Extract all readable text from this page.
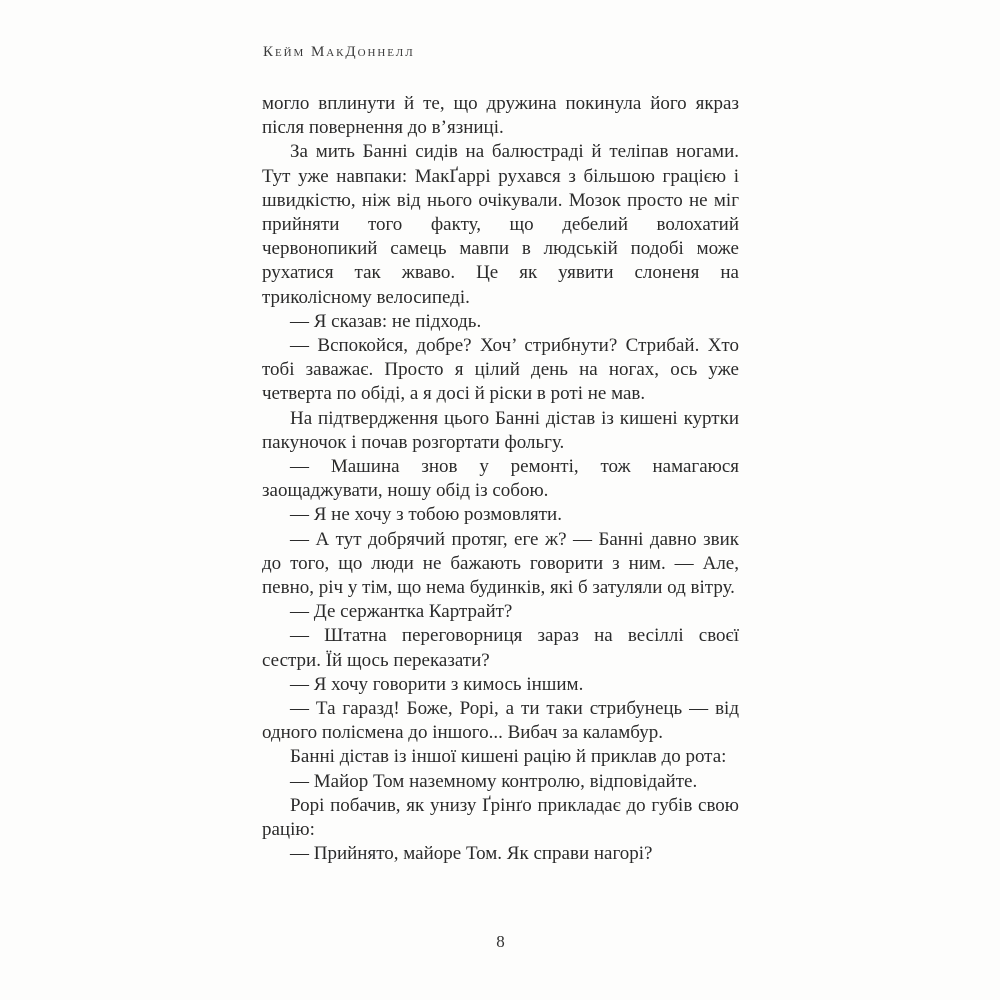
Кейм МакДоннелл

могло вплинути й те, що дружина покинула його якраз після повернення до в’язниці.

За мить Банні сидів на балюстраді й теліпав ногами. Тут уже навпаки: МакҐаррі рухався з більшою грацією і швидкістю, ніж від нього очікували. Мозок просто не міг прийняти того факту, що дебелий волохатий червонопикий самець мавпи в людській подобі може рухатися так жваво. Це як уявити слоненя на триколісному велосипеді.

— Я сказав: не підходь.

— Вспокойся, добре? Хоч’ стрибнути? Стрибай. Хто тобі заважає. Просто я цілий день на ногах, ось уже четверта по обіді, а я досі й ріски в роті не мав.

На підтвердження цього Банні дістав із кишені куртки пакуночок і почав розгортати фольгу.

— Машина знов у ремонті, тож намагаюся заощаджувати, ношу обід із собою.

— Я не хочу з тобою розмовляти.

— А тут добрячий протяг, еге ж? — Банні давно звик до того, що люди не бажають говорити з ним. — Але, певно, річ у тім, що нема будинків, які б затуляли од вітру.

— Де сержантка Картрайт?

— Штатна переговорниця зараз на весіллі своєї сестри. Їй щось переказати?

— Я хочу говорити з кимось іншим.

— Та гаразд! Боже, Рорі, а ти таки стрибунець — від одного полісмена до іншого... Вибач за каламбур.

Банні дістав із іншої кишені рацію й приклав до рота:

— Майор Том наземному контролю, відповідайте.

Рорі побачив, як унизу Ґрінґо прикладає до губів свою рацію:

— Прийнято, майоре Том. Як справи нагорі?

8
